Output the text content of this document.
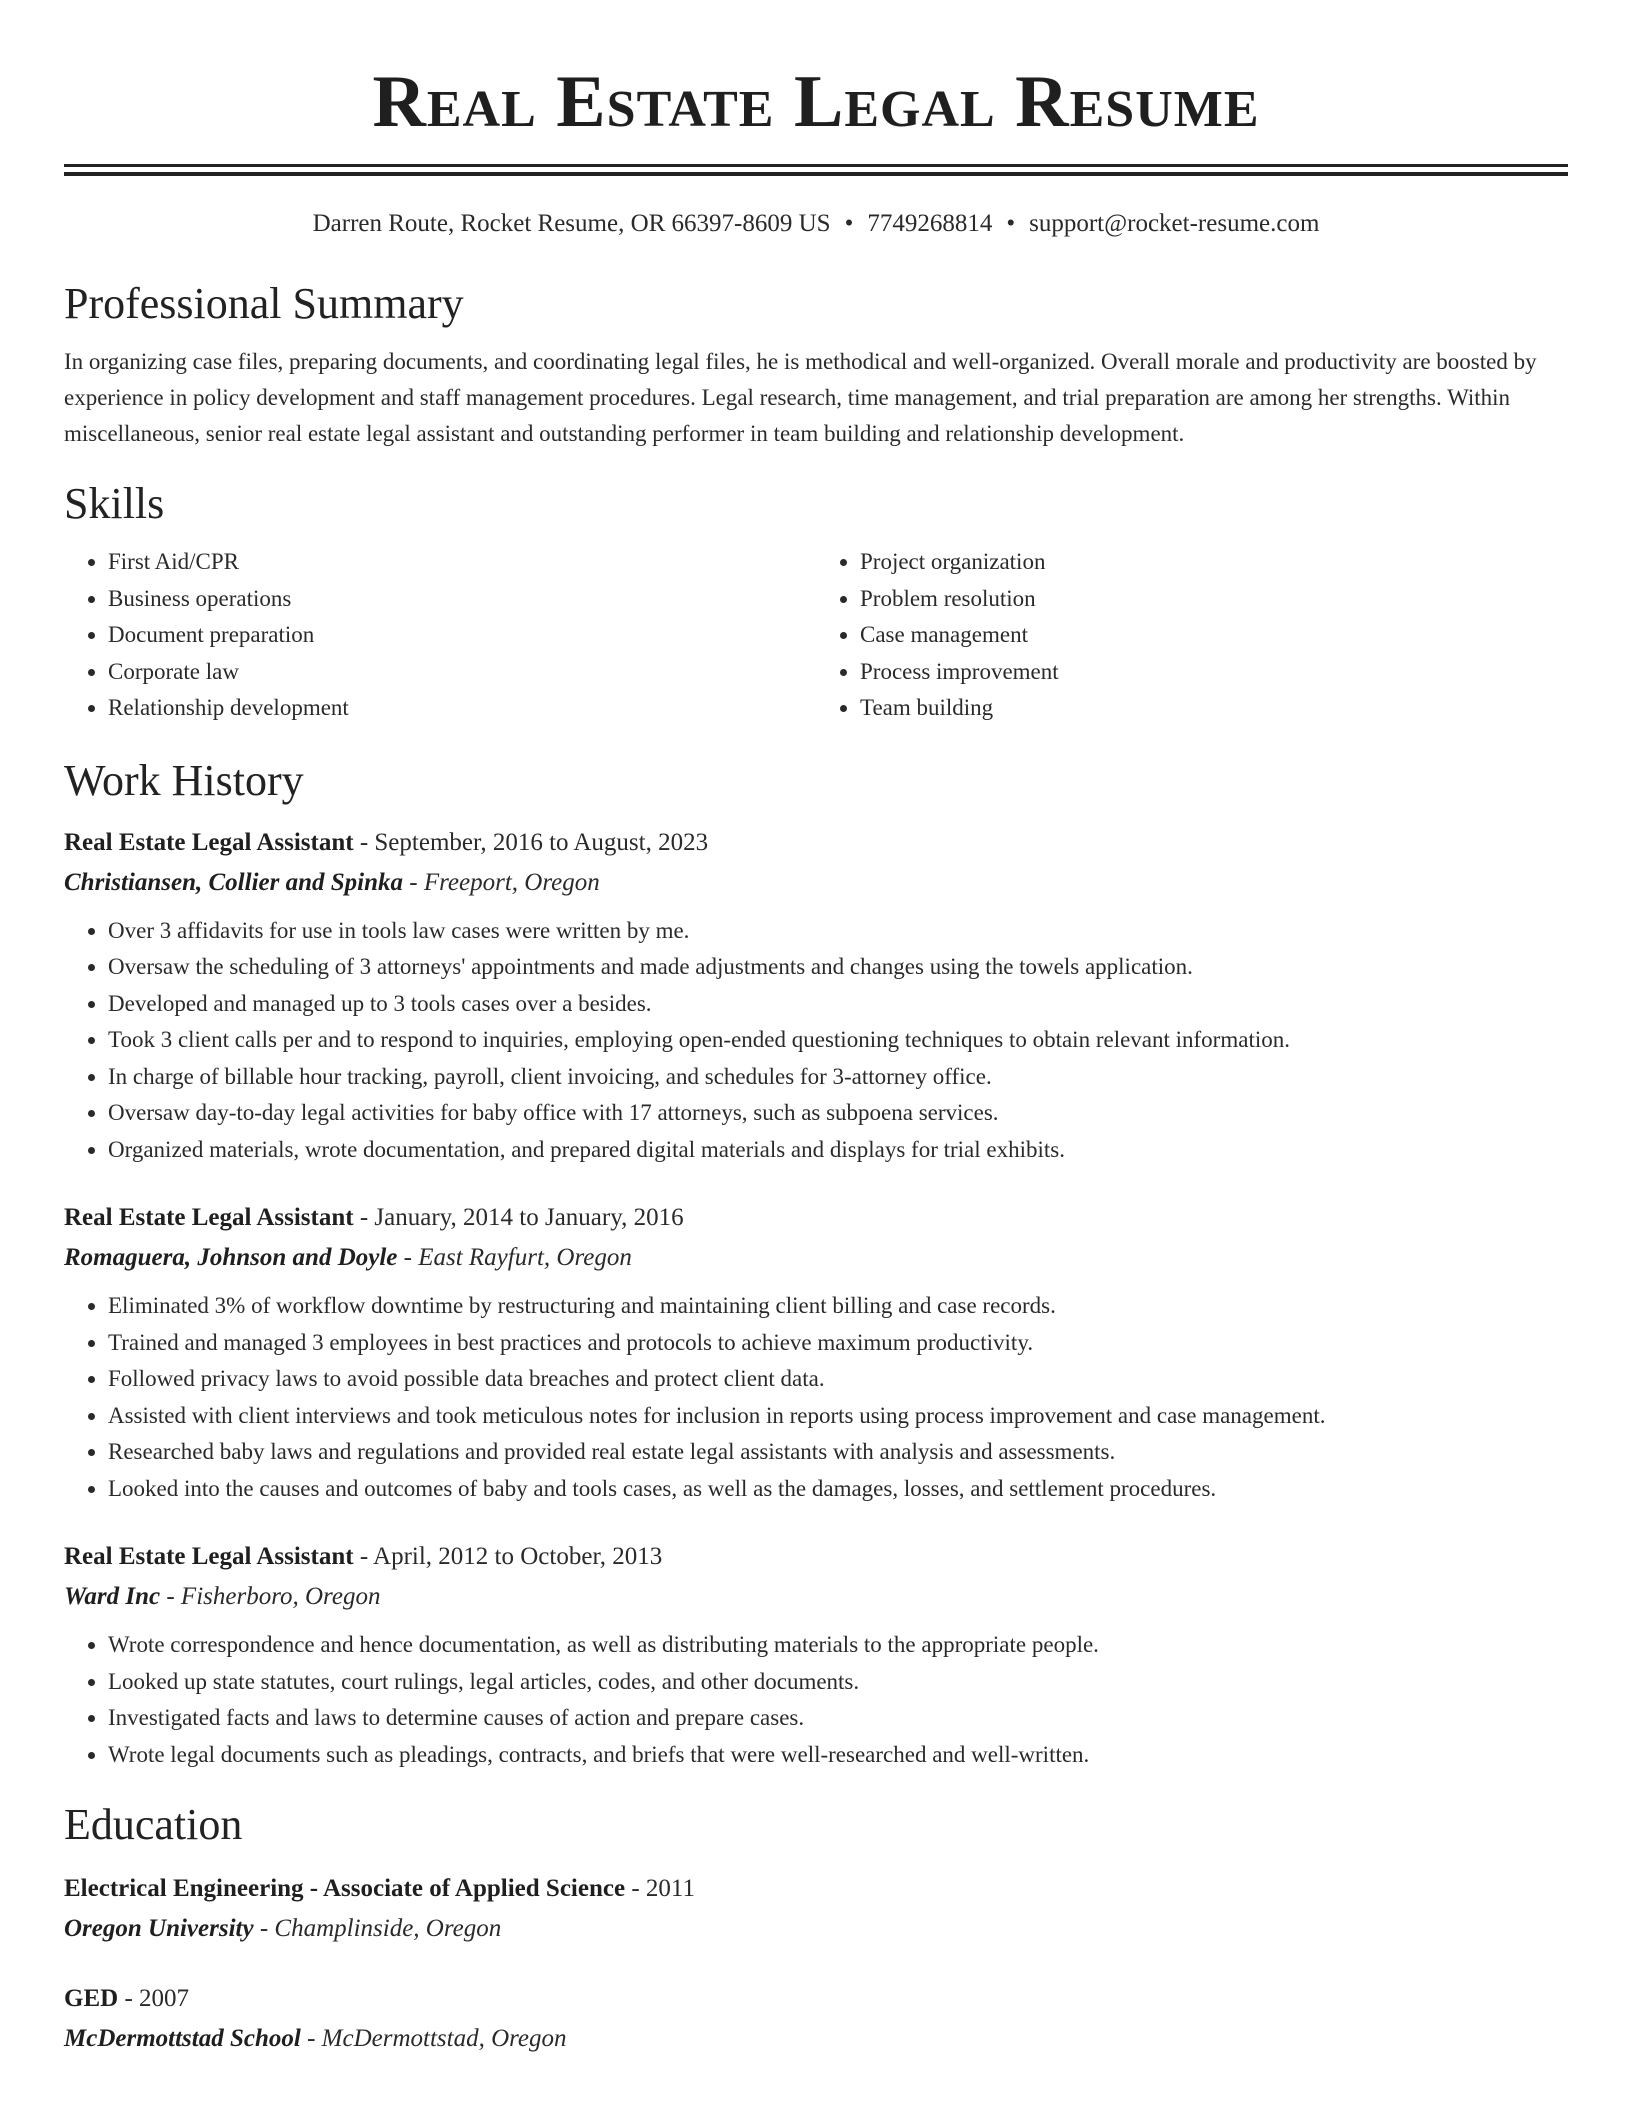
Real Estate Legal Resume
Darren Route, Rocket Resume, OR 66397-8609 US • 7749268814 • support@rocket-resume.com
Professional Summary

In organizing case files, preparing documents, and coordinating legal files, he is methodical and well-organized. Overall morale and productivity are boosted by experience in policy development and staff management procedures. Legal research, time management, and trial preparation are among her strengths. Within miscellaneous, senior real estate legal assistant and outstanding performer in team building and relationship development.

Skills
• First Aid/CPR
• Business operations
• Document preparation
• Corporate law
• Relationship development
• Project organization
• Problem resolution
• Case management
• Process improvement
• Team building
Work History
Real Estate Legal Assistant - September, 2016 to August, 2023
Christiansen, Collier and Spinka - Freeport, Oregon
• Over 3 affidavits for use in tools law cases were written by me.
• Oversaw the scheduling of 3 attorneys' appointments and made adjustments and changes using the towels application.
• Developed and managed up to 3 tools cases over a besides.
• Took 3 client calls per and to respond to inquiries, employing open-ended questioning techniques to obtain relevant information.
• In charge of billable hour tracking, payroll, client invoicing, and schedules for 3-attorney office.
• Oversaw day-to-day legal activities for baby office with 17 attorneys, such as subpoena services.
• Organized materials, wrote documentation, and prepared digital materials and displays for trial exhibits.
Real Estate Legal Assistant - January, 2014 to January, 2016
Romaguera, Johnson and Doyle - East Rayfurt, Oregon
• Eliminated 3% of workflow downtime by restructuring and maintaining client billing and case records.
• Trained and managed 3 employees in best practices and protocols to achieve maximum productivity.
• Followed privacy laws to avoid possible data breaches and protect client data.
• Assisted with client interviews and took meticulous notes for inclusion in reports using process improvement and case management.
• Researched baby laws and regulations and provided real estate legal assistants with analysis and assessments.
• Looked into the causes and outcomes of baby and tools cases, as well as the damages, losses, and settlement procedures.
Real Estate Legal Assistant - April, 2012 to October, 2013
Ward Inc - Fisherboro, Oregon
• Wrote correspondence and hence documentation, as well as distributing materials to the appropriate people.
• Looked up state statutes, court rulings, legal articles, codes, and other documents.
• Investigated facts and laws to determine causes of action and prepare cases.
• Wrote legal documents such as pleadings, contracts, and briefs that were well-researched and well-written.
Education
Electrical Engineering - Associate of Applied Science - 2011
Oregon University - Champlinside, Oregon
GED - 2007
McDermottstad School - McDermottstad, Oregon
